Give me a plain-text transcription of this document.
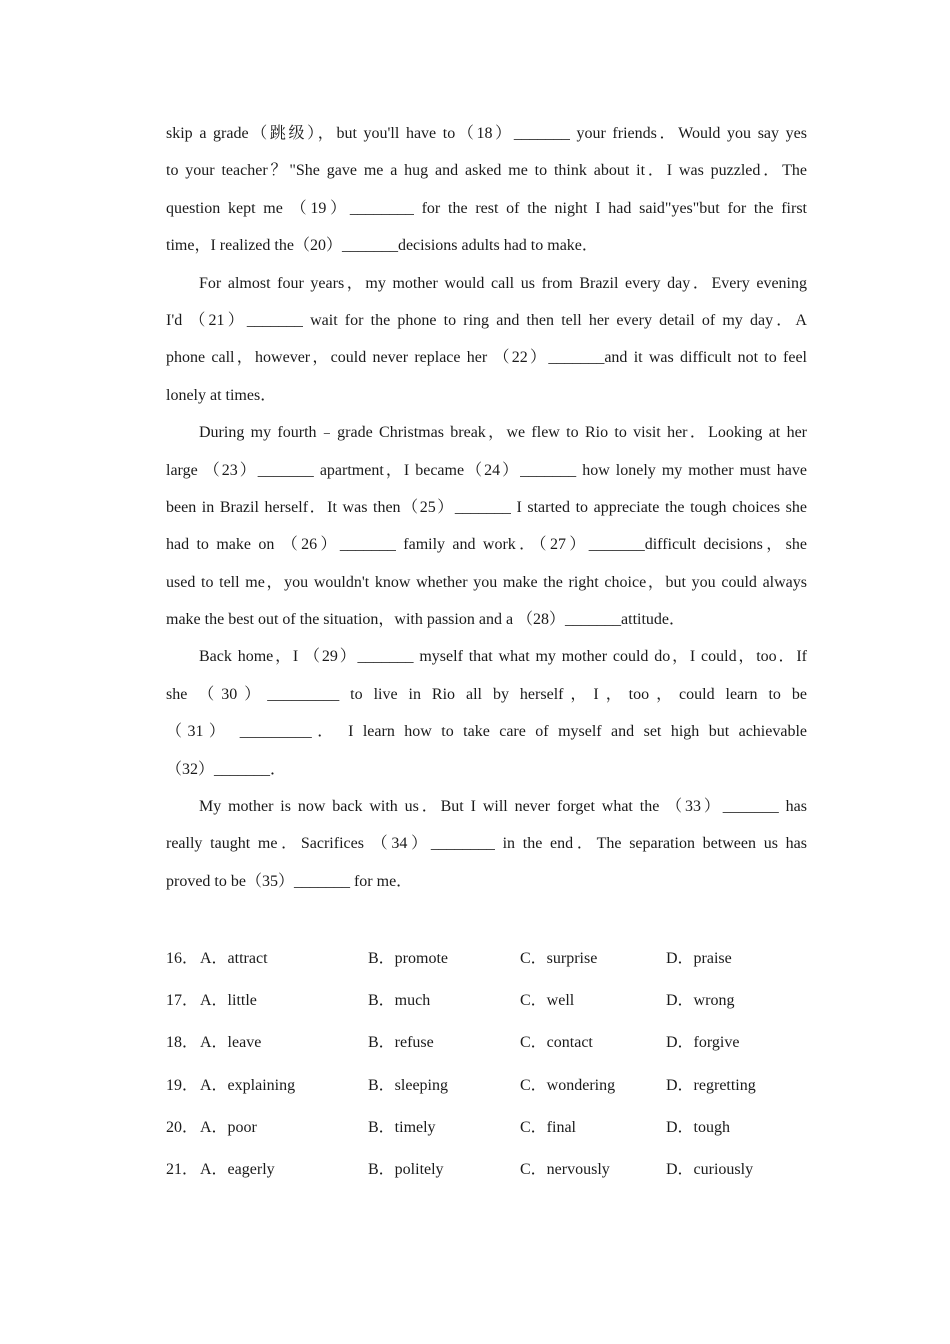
skip a grade（跳级），but you'll have to（18）_______ your friends．Would you say yes
to your teacher？"She gave me a hug and asked me to think about it．I was puzzled．The
question kept me （19）________ for the rest of the night I had said"yes"but for the first
time，I realized the（20）_______decisions adults had to make．
For almost four years，my mother would call us from Brazil every day．Every evening
I'd （21）_______ wait for the phone to ring and then tell her every detail of my day．A
phone call，however，could never replace her （22）_______and it was difficult not to feel
lonely at times．
During my fourth﹣grade Christmas break，we flew to Rio to visit her．Looking at her
large （23）_______ apartment，I became（24）_______ how lonely my mother must have
been in Brazil herself．It was then（25）_______ I started to appreciate the tough choices she
had to make on （26）_______ family and work．（27）_______difficult decisions，she
used to tell me，you wouldn't know whether you make the right choice，but you could always
make the best out of the situation，with passion and a （28）_______attitude．
Back home，I （29）_______ myself that what my mother could do，I could，too．If
she （30）_________ to live in Rio all by herself，I，too，could learn to be
（31） _________． I learn how to take care of myself and set high but achievable
（32）_______．
My mother is now back with us．But I will never forget what the （33）_______ has
really taught me．Sacrifices （34）________ in the end．The separation between us has
proved to be（35）_______ for me．
16． A．attract	B．promote	C．surprise	D．praise
17． A．little	B．much	C．well	D．wrong
18． A．leave	B．refuse	C．contact	D．forgive
19． A．explaining	B．sleeping	C．wondering	D．regretting
20． A．poor	B．timely	C．final	D．tough
21． A．eagerly	B．politely	C．nervously	D．curiously
